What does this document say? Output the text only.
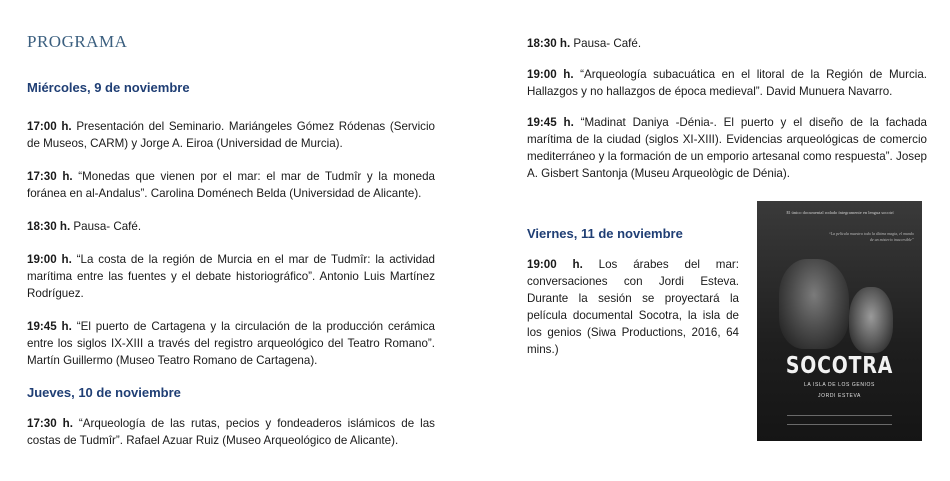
PROGRAMA
Miércoles, 9 de noviembre

17:00 h. Presentación del Seminario. Mariángeles Gómez Ródenas (Servicio de Museos, CARM) y Jorge A. Eiroa (Universidad de Murcia).

17:30 h. “Monedas que vienen por el mar: el mar de Tudmîr y la moneda foránea en al-Andalus”. Carolina Doménech Belda (Universidad de Alicante).

18:30 h. Pausa- Café.

19:00 h. “La costa de la región de Murcia en el mar de Tudmîr: la actividad marítima entre las fuentes y el debate historiográfico”. Antonio Luis Martínez Rodríguez.

19:45 h. “El puerto de Cartagena y la circulación de la producción cerámica entre los siglos IX-XIII a través del registro arqueológico del Teatro Romano”. Martín Guillermo (Museo Teatro Romano de Cartagena).

Jueves, 10 de noviembre

17:30 h. “Arqueología de las rutas, pecios y fondeaderos islámicos de las costas de Tudmîr”. Rafael Azuar Ruiz (Museo Arqueológico de Alicante).

18:30 h. Pausa- Café.

19:00 h. “Arqueología subacuática en el litoral de la Región de Murcia. Hallazgos y no hallazgos de época medieval”. David Munuera Navarro.

19:45 h. “Madinat Daniya -Dénia-. El puerto y el diseño de la fachada marítima de la ciudad (siglos XI-XIII). Evidencias arqueológicas de comercio mediterráneo y la formación de un emporio artesanal como respuesta”. Josep A. Gisbert Santonja (Museu Arqueològic de Dénia).

Viernes, 11 de noviembre

19:00 h. Los árabes del mar: conversaciones con Jordi Esteva. Durante la sesión se proyectará la película documental Socotra, la isla de los genios (Siwa Productions, 2016, 64 mins.)

El único documental rodado íntegramente en lengua socotrí
“La película muestra todo la última magia, el mundo de un misterio inaccesible”
SOCOTRA
LA ISLA DE LOS GENIOS
JORDI ESTEVA
